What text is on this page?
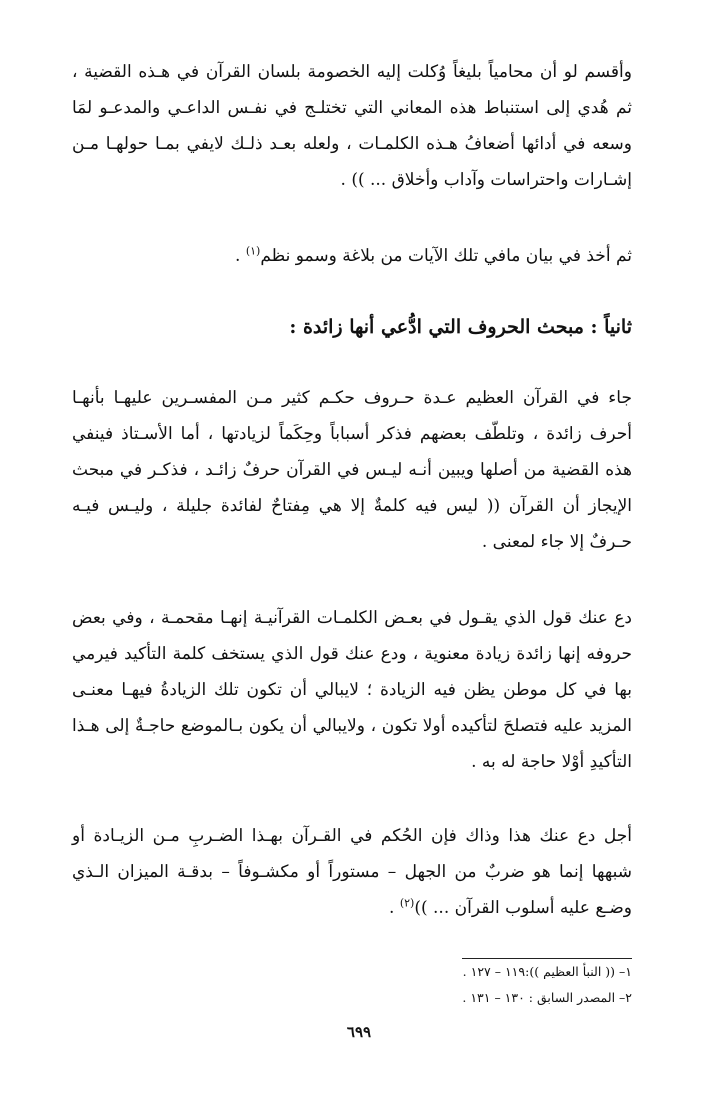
وأقسم لو أن محامياً بليغاً وُكلت إليه الخصومة بلسان القرآن في هـذه القضية ، ثم هُدي إلى استنباط هذه المعاني التي تختلـج في نفـس الداعـي والمدعـو لمَا وسعه في أدائها أضعافُ هـذه الكلمـات ، ولعله بعـد ذلـك لايفي بمـا حولهـا مـن إشـارات واحتراسات وآداب وأخلاق ... )) .

ثم أخذ في بيان مافي تلك الآيات من بلاغة وسمو نظم$^{(١)}$ .

ثانياً : مبحث الحروف التي ادُّعي أنها زائدة :

جاء في القرآن العظيم عـدة حـروف حكـم كثير مـن المفسـرين عليهـا بأنهـا أحرف زائدة ، وتلطّف بعضهم فذكر أسباباً وحِكَماً لزيادتها ، أما الأسـتاذ فينفي هذه القضية من أصلها ويبين أنـه ليـس في القرآن حرفٌ زائـد ، فذكـر في مبحث الإيجاز أن القرآن (( ليس فيه كلمةٌ إلا هي مِفتاحٌ لفائدة جليلة ، وليـس فيـه حـرفٌ إلا جاء لمعنى .

دع عنك قول الذي يقـول في بعـض الكلمـات القرآنيـة إنهـا مقحمـة ، وفي بعض حروفه إنها زائدة زيادة معنوية ، ودع عنك قول الذي يستخف كلمة التأكيد فيرمي بها في كل موطن يظن فيه الزيادة ؛ لايبالي أن تكون تلك الزيادةُ فيهـا معنـى المزيد عليه فتصلحَ لتأكيده أولا تكون ، ولايبالي أن يكون بـالموضع حاجـةٌ إلى هـذا التأكيدِ أوْلا حاجة له به .

أجل دع عنك هذا وذاك فإن الحُكم في القـرآن بهـذا الضـربِ مـن الزيـادة أو شبهها إنما هو ضربٌ من الجهل – مستوراً أو مكشـوفاً – بدقـة الميزان الـذي وضـع عليه أسلوب القرآن ... ))$^{(٢)}$ .

١– (( النبأ العظيم )):١١٩ – ١٢٧ .

٢– المصدر السابق : ١٣٠ – ١٣١ .

٦٩٩
